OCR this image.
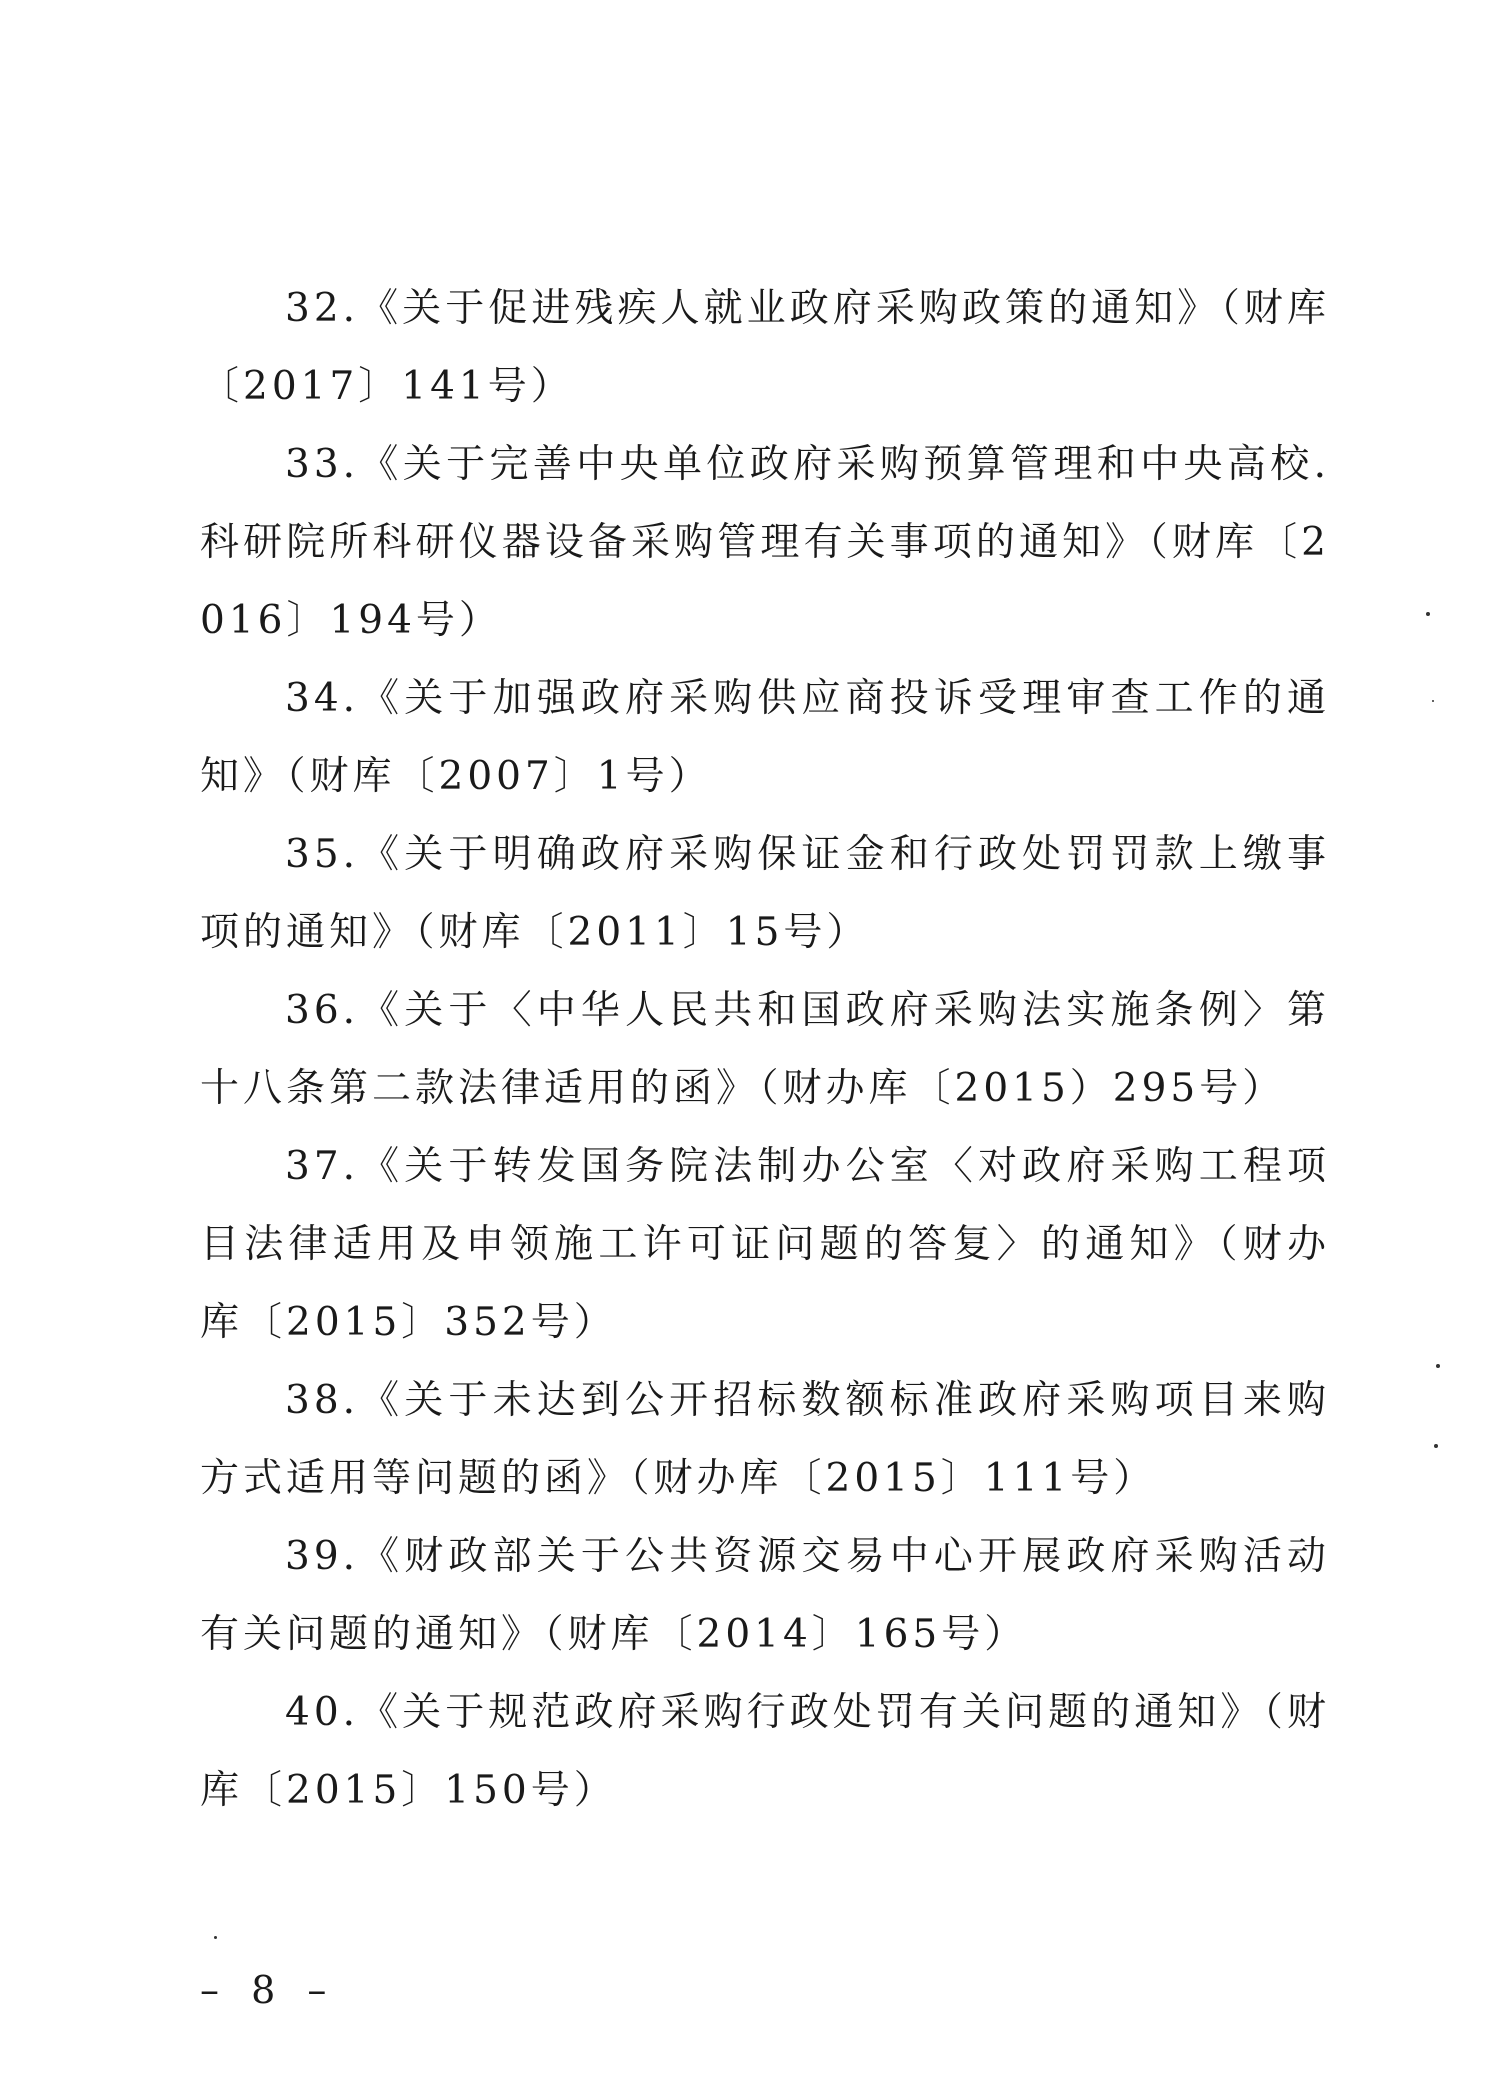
32.《关于促进残疾人就业政府采购政策的通知》（财库〔2017〕141号）

33.《关于完善中央单位政府采购预算管理和中央高校.科研院所科研仪器设备采购管理有关事项的通知》（财库〔2016〕194号）

34.《关于加强政府采购供应商投诉受理审查工作的通知》（财库〔2007〕1号）

35.《关于明确政府采购保证金和行政处罚罚款上缴事项的通知》（财库〔2011〕15号）

36.《关于〈中华人民共和国政府采购法实施条例〉第十八条第二款法律适用的函》（财办库〔2015）295号）

37.《关于转发国务院法制办公室〈对政府采购工程项目法律适用及申领施工许可证问题的答复〉的通知》（财办库〔2015〕352号）

38.《关于未达到公开招标数额标准政府采购项目来购方式适用等问题的函》（财办库〔2015〕111号）

39.《财政部关于公共资源交易中心开展政府采购活动有关问题的通知》（财库〔2014〕165号）

40.《关于规范政府采购行政处罚有关问题的通知》（财库〔2015〕150号）

– 8 –
